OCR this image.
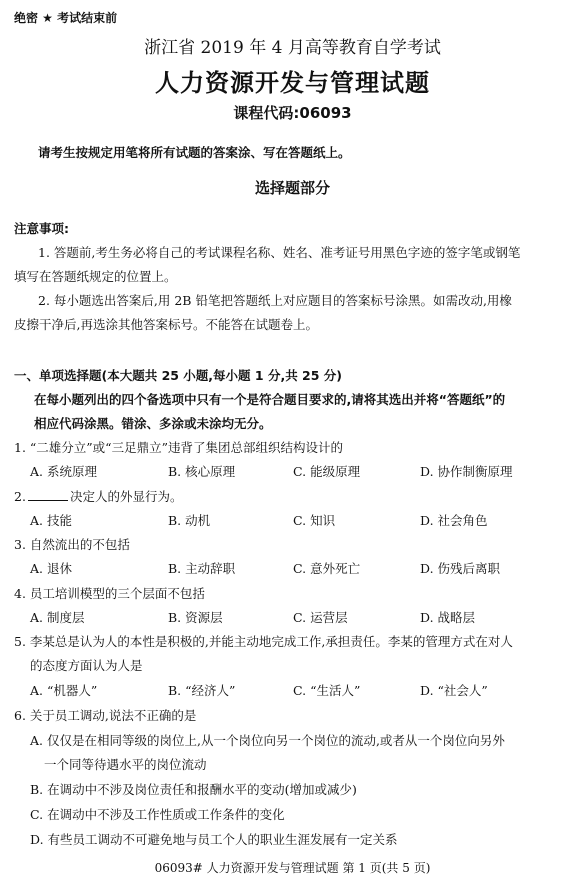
绝密 ★ 考试结束前
浙江省 2019 年 4 月高等教育自学考试
人力资源开发与管理试题
课程代码:06093
请考生按规定用笔将所有试题的答案涂、写在答题纸上。
选择题部分
注意事项:
1. 答题前,考生务必将自己的考试课程名称、姓名、准考证号用黑色字迹的签字笔或钢笔
填写在答题纸规定的位置上。
2. 每小题选出答案后,用 2B 铅笔把答题纸上对应题目的答案标号涂黑。如需改动,用橡
皮擦干净后,再选涂其他答案标号。不能答在试题卷上。
一、单项选择题(本大题共 25 小题,每小题 1 分,共 25 分)
在每小题列出的四个备选项中只有一个是符合题目要求的,请将其选出并将“答题纸”的
相应代码涂黑。错涂、多涂或未涂均无分。
1. “二雄分立”或“三足鼎立”违背了集团总部组织结构设计的
A. 系统原理	B. 核心原理	C. 能级原理	D. 协作制衡原理
2.	决定人的外显行为。
A. 技能	B. 动机	C. 知识	D. 社会角色
3. 自然流出的不包括
A. 退休	B. 主动辞职	C. 意外死亡	D. 伤残后离职
4. 员工培训模型的三个层面不包括
A. 制度层	B. 资源层	C. 运营层	D. 战略层
5. 李某总是认为人的本性是积极的,并能主动地完成工作,承担责任。李某的管理方式在对人
的态度方面认为人是
A. “机器人”	B. “经济人”	C. “生活人”	D. “社会人”
6. 关于员工调动,说法不正确的是
A. 仅仅是在相同等级的岗位上,从一个岗位向另一个岗位的流动,或者从一个岗位向另外
一个同等待遇水平的岗位流动
B. 在调动中不涉及岗位责任和报酬水平的变动(增加或减少)
C. 在调动中不涉及工作性质或工作条件的变化
D. 有些员工调动不可避免地与员工个人的职业生涯发展有一定关系
06093# 人力资源开发与管理试题 第 1 页(共 5 页)
